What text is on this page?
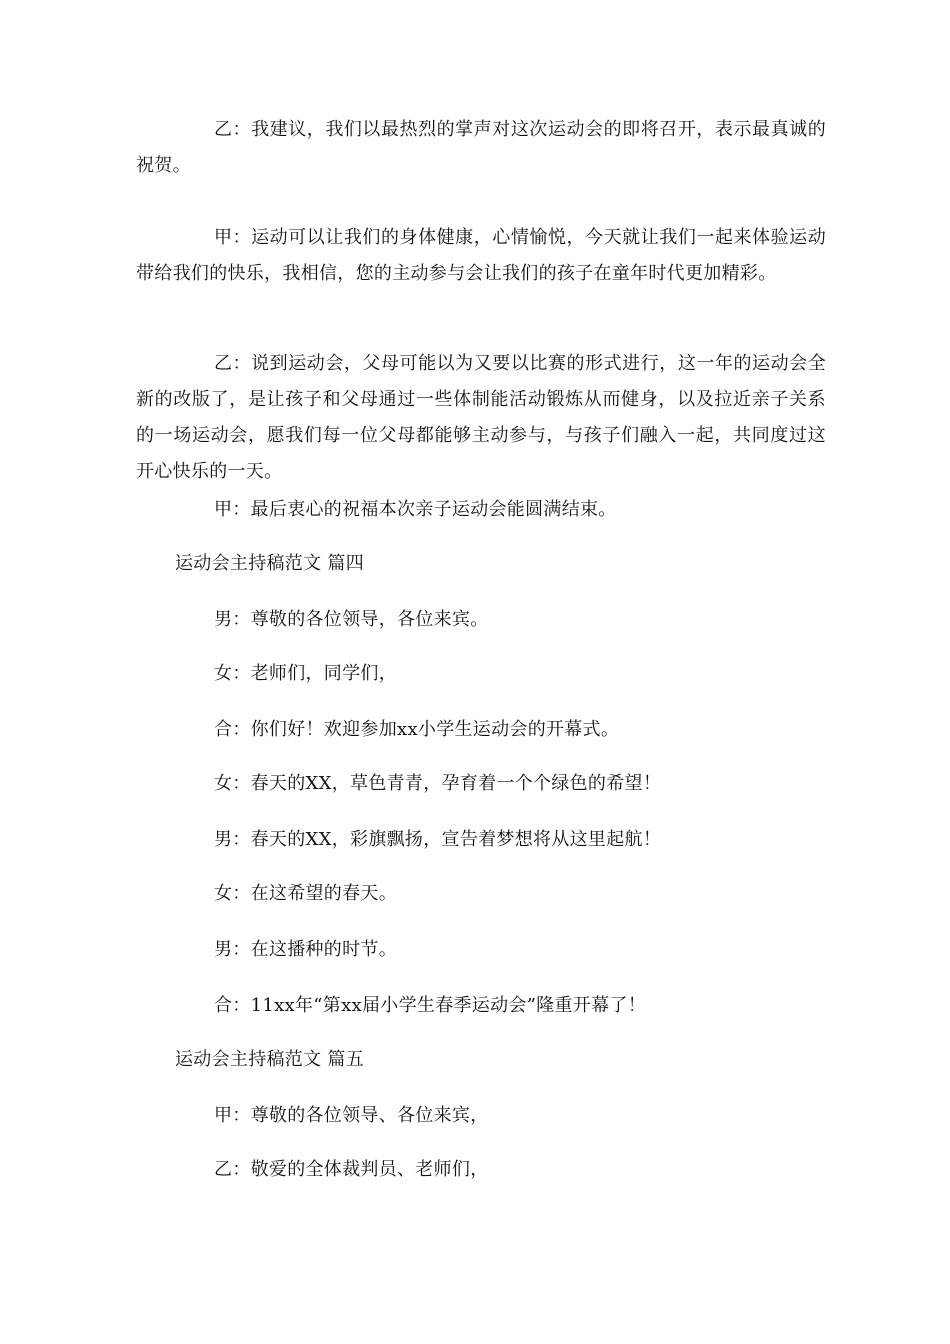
乙：我建议，我们以最热烈的掌声对这次运动会的即将召开，表示最真诚的祝贺。

甲：运动可以让我们的身体健康，心情愉悦，今天就让我们一起来体验运动带给我们的快乐，我相信，您的主动参与会让我们的孩子在童年时代更加精彩。

乙：说到运动会，父母可能以为又要以比赛的形式进行，这一年的运动会全新的改版了，是让孩子和父母通过一些体制能活动锻炼从而健身，以及拉近亲子关系的一场运动会，愿我们每一位父母都能够主动参与，与孩子们融入一起，共同度过这开心快乐的一天。

甲：最后衷心的祝福本次亲子运动会能圆满结束。

运动会主持稿范文 篇四
男：尊敬的各位领导，各位来宾。
女：老师们，同学们，
合：你们好！欢迎参加xx小学生运动会的开幕式。
女：春天的XX，草色青青，孕育着一个个绿色的希望！
男：春天的XX，彩旗飘扬，宣告着梦想将从这里起航！
女：在这希望的春天。
男：在这播种的时节。
合：11xx年“第xx届小学生春季运动会”隆重开幕了！
运动会主持稿范文 篇五
甲：尊敬的各位领导、各位来宾，
乙：敬爱的全体裁判员、老师们，
